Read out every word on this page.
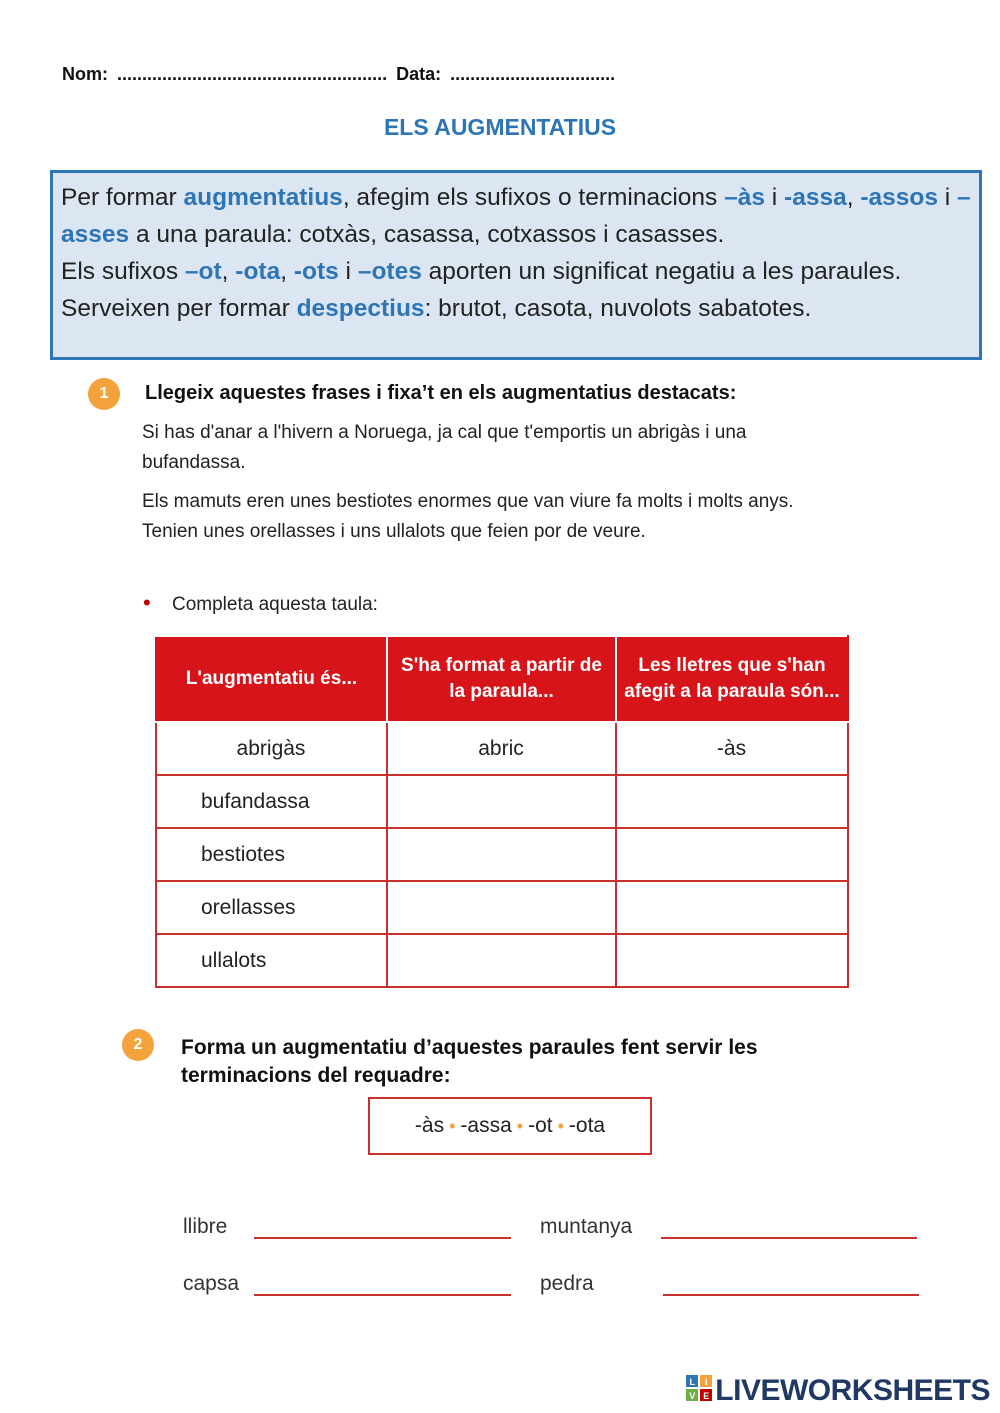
Nom: ...................................................... Data: .................................
ELS AUGMENTATIUS
Per formar augmentatius, afegim els sufixos o terminacions –às i -assa, -assos i –asses a una paraula: cotxàs, casassa, cotxassos i casasses.
Els sufixos –ot, -ota, -ots i –otes aporten un significat negatiu a les paraules. Serveixen per formar despectius: brutot, casota, nuvolots sabatotes.
1	Llegeix aquestes frases i fixa’t en els augmentatius destacats:
Si has d'anar a l'hivern a Noruega, ja cal que t'emportis un abrigàs i una bufandassa.
Els mamuts eren unes bestiotes enormes que van viure fa molts i molts anys. Tenien unes orellasses i uns ullalots que feien por de veure.
• Completa aquesta taula:
L'augmentatiu és...	S'ha format a partir de la paraula...	Les lletres que s'han afegit a la paraula són...
abrigàs	abric	-às
bufandassa		
bestiotes		
orellasses		
ullalots		
2	Forma un augmentatiu d’aquestes paraules fent servir les
terminacions del requadre:
-às • -assa • -ot • -ota
llibre	muntanya
capsa	pedra
L I
V E LIVEWORKSHEETS
